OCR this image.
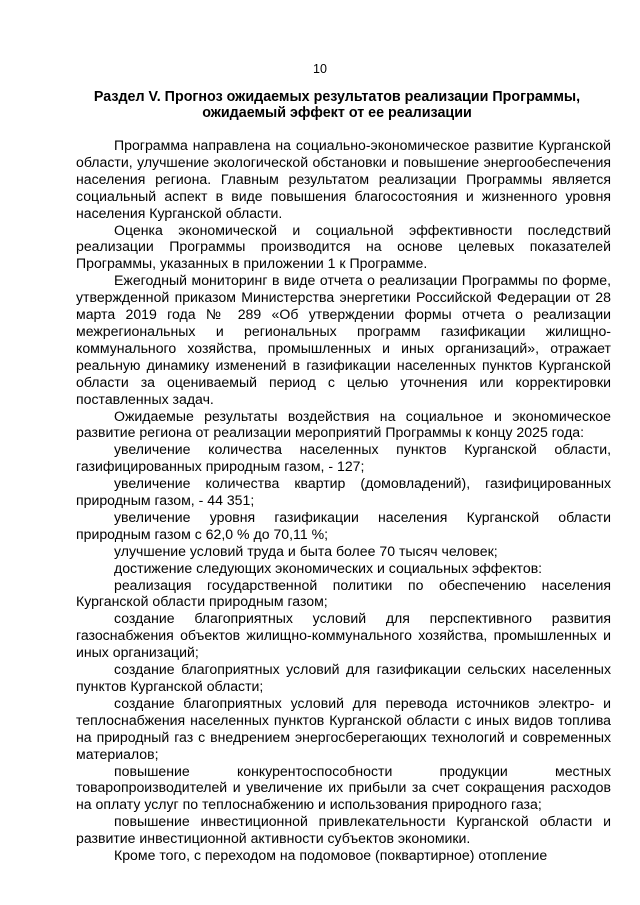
10
Раздел V. Прогноз ожидаемых результатов реализации Программы,
ожидаемый эффект от ее реализации

Программа направлена на социально-экономическое развитие Курганской области, улучшение экологической обстановки и повышение энергообеспечения населения региона. Главным результатом реализации Программы является социальный аспект в виде повышения благосостояния и жизненного уровня населения Курганской области.

Оценка экономической и социальной эффективности последствий реализации Программы производится на основе целевых показателей Программы, указанных в приложении 1 к Программе.

Ежегодный мониторинг в виде отчета о реализации Программы по форме, утвержденной приказом Министерства энергетики Российской Федерации от 28 марта 2019 года № 289 «Об утверждении формы отчета о реализации межрегиональных и региональных программ газификации жилищно-коммунального хозяйства, промышленных и иных организаций», отражает реальную динамику изменений в газификации населенных пунктов Курганской области за оцениваемый период с целью уточнения или корректировки поставленных задач.

Ожидаемые результаты воздействия на социальное и экономическое развитие региона от реализации мероприятий Программы к концу 2025 года:

увеличение количества населенных пунктов Курганской области, газифицированных природным газом, - 127;

увеличение количества квартир (домовладений), газифицированных природным газом, - 44 351;

увеличение уровня газификации населения Курганской области природным газом с 62,0 % до 70,11 %;

улучшение условий труда и быта более 70 тысяч человек;

достижение следующих экономических и социальных эффектов:

реализация государственной политики по обеспечению населения Курганской области природным газом;

создание благоприятных условий для перспективного развития газоснабжения объектов жилищно-коммунального хозяйства, промышленных и иных организаций;

создание благоприятных условий для газификации сельских населенных пунктов Курганской области;

создание благоприятных условий для перевода источников электро- и теплоснабжения населенных пунктов Курганской области с иных видов топлива на природный газ с внедрением энергосберегающих технологий и современных материалов;

повышение конкурентоспособности продукции местных товаропроизводителей и увеличение их прибыли за счет сокращения расходов на оплату услуг по теплоснабжению и использования природного газа;

повышение инвестиционной привлекательности Курганской области и развитие инвестиционной активности субъектов экономики.

Кроме того, с переходом на подомовое (поквартирное) отопление
